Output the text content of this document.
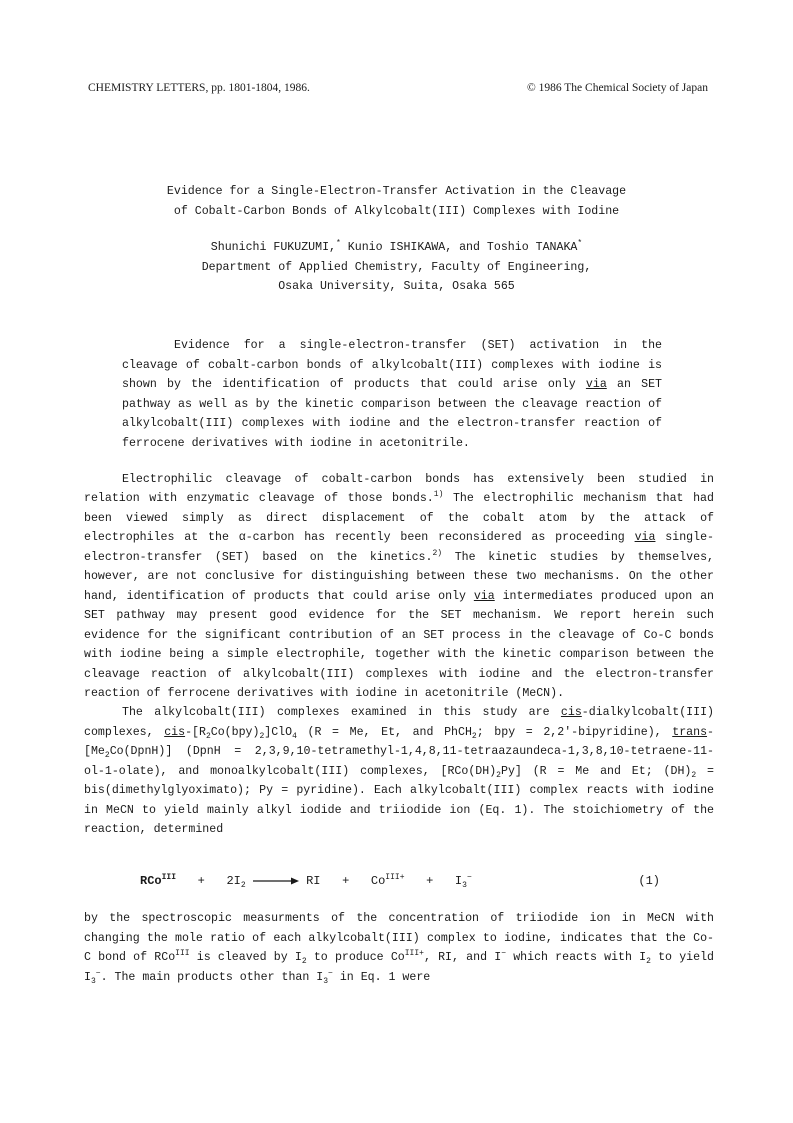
CHEMISTRY LETTERS, pp. 1801-1804, 1986.	© 1986 The Chemical Society of Japan
Evidence for a Single-Electron-Transfer Activation in the Cleavage
of Cobalt-Carbon Bonds of Alkylcobalt(III) Complexes with Iodine
Shunichi FUKUZUMI,* Kunio ISHIKAWA, and Toshio TANAKA*
Department of Applied Chemistry, Faculty of Engineering,
Osaka University, Suita, Osaka 565

Evidence for a single-electron-transfer (SET) activation in the cleavage of cobalt-carbon bonds of alkylcobalt(III) complexes with iodine is shown by the identification of products that could arise only via an SET pathway as well as by the kinetic comparison between the cleavage reaction of alkylcobalt(III) complexes with iodine and the electron-transfer reaction of ferrocene derivatives with iodine in acetonitrile.

Electrophilic cleavage of cobalt-carbon bonds has extensively been studied in relation with enzymatic cleavage of those bonds.$^{1)}$ The electrophilic mechanism that had been viewed simply as direct displacement of the cobalt atom by the attack of electrophiles at the α-carbon has recently been reconsidered as proceeding via single-electron-transfer (SET) based on the kinetics.$^{2)}$ The kinetic studies by themselves, however, are not conclusive for distinguishing between these two mechanisms. On the other hand, identification of products that could arise only via intermediates produced upon an SET pathway may present good evidence for the SET mechanism. We report herein such evidence for the significant contribution of an SET process in the cleavage of Co-C bonds with iodine being a simple electrophile, together with the kinetic comparison between the cleavage reaction of alkylcobalt(III) complexes with iodine and the electron-transfer reaction of ferrocene derivatives with iodine in acetonitrile (MeCN).

The alkylcobalt(III) complexes examined in this study are cis-dialkylcobalt(III) complexes, cis-$[R_2Co(bpy)_2]ClO_4$ (R = Me, Et, and PhCH$_2$; bpy = 2,2'-bipyridine), trans-$[Me_2Co(DpnH)]$ (DpnH = 2,3,9,10-tetramethyl-1,4,8,11-tetraazaundeca-1,3,8,10-tetraene-11-ol-1-olate), and monoalkylcobalt(III) complexes, $[RCo(DH)_2Py] (R = Me$ and Et; $(DH)_2$ = bis(dimethylglyoximato); Py = pyridine). Each alkylcobalt(III) complex reacts with iodine in MeCN to yield mainly alkyl iodide and triiodide ion (Eq. 1). The stoichiometry of the reaction, determined

$RCo^{III} + 2I_2$ → RI + $Co^{III+} + I_3^-$	(1)

by the spectroscopic measurments of the concentration of triiodide ion in MeCN with changing the mole ratio of each alkylcobalt(III) complex to iodine, indicates that the Co-C bond of RCo$^{III}$ is cleaved by $I_2$ to produce $Co^{III+}$, RI, and I− which reacts with $I_2$ to yield $I_3^-$. The main products other than $I_3^-$ in Eq. 1 were
